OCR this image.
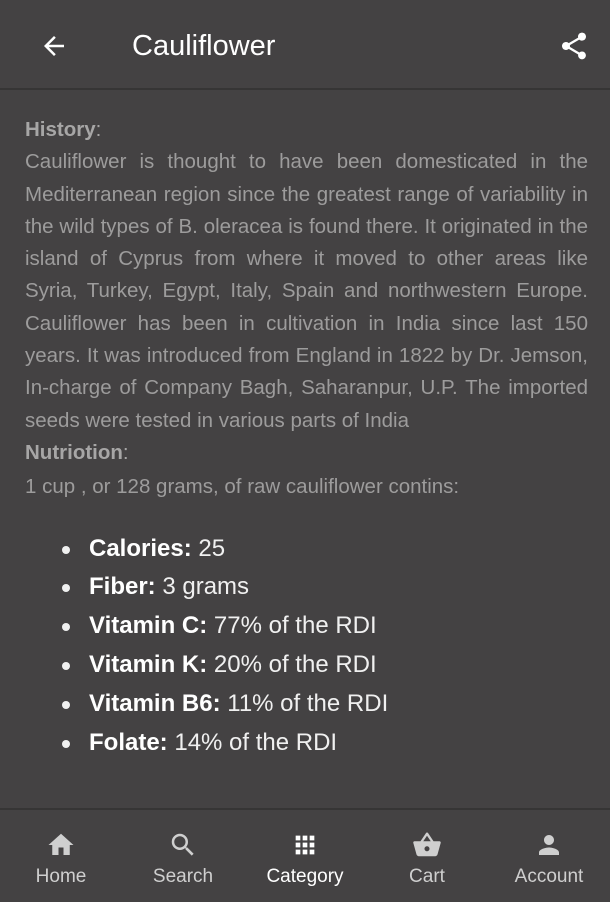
Cauliflower
History:
Cauliflower is thought to have been domesticated in the Mediterranean region since the greatest range of variability in the wild types of B. oleracea is found there. It originated in the island of Cyprus from where it moved to other areas like Syria, Turkey, Egypt, Italy, Spain and northwestern Europe. Cauliflower has been in cultivation in India since last 150 years. It was introduced from England in 1822 by Dr. Jemson, In-charge of Company Bagh, Saharanpur, U.P. The imported seeds were tested in various parts of India
Nutriotion:
1 cup , or 128 grams, of raw cauliflower contins:
Calories: 25
Fiber: 3 grams
Vitamin C: 77% of the RDI
Vitamin K: 20% of the RDI
Vitamin B6: 11% of the RDI
Folate: 14% of the RDI
Home	Search	Category	Cart	Account
